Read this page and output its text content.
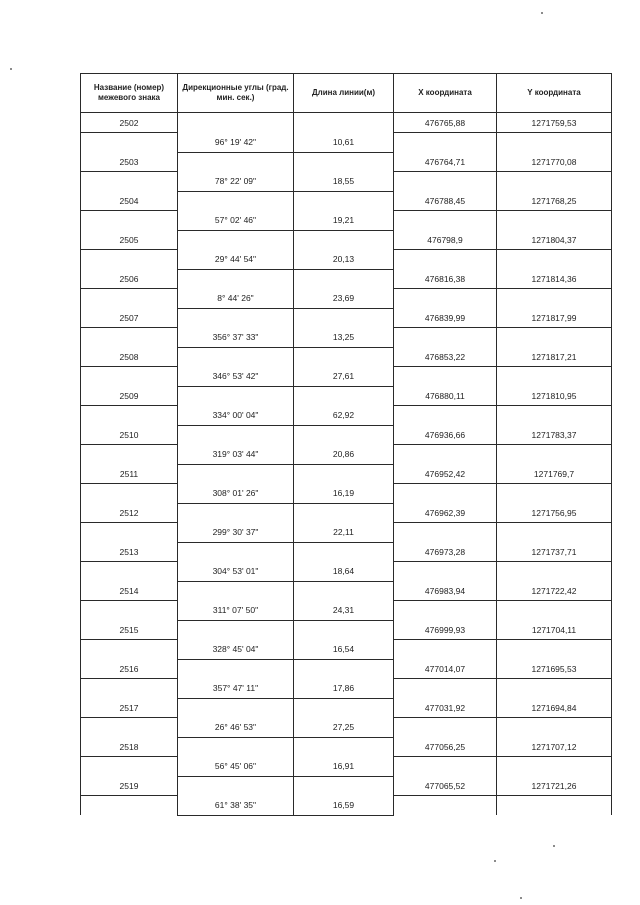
Название (номер) межевого знака	Дирекционные углы (град. мин. сек.)	Длина линии(м)	X координата	Y координата
2502			476765,88	1271759,53
	96° 19' 42"	10,61		
2503			476764,71	1271770,08
	78° 22' 09"	18,55		
2504			476788,45	1271768,25
	57° 02' 46"	19,21		
2505			476798,9	1271804,37
	29° 44' 54"	20,13		
2506			476816,38	1271814,36
	8° 44' 26"	23,69		
2507			476839,99	1271817,99
	356° 37' 33"	13,25		
2508			476853,22	1271817,21
	346° 53' 42"	27,61		
2509			476880,11	1271810,95
	334° 00' 04"	62,92		
2510			476936,66	1271783,37
	319° 03' 44"	20,86		
2511			476952,42	1271769,7
	308° 01' 26"	16,19		
2512			476962,39	1271756,95
	299° 30' 37"	22,11		
2513			476973,28	1271737,71
	304° 53' 01"	18,64		
2514			476983,94	1271722,42
	311° 07' 50"	24,31		
2515			476999,93	1271704,11
	328° 45' 04"	16,54		
2516			477014,07	1271695,53
	357° 47' 11"	17,86		
2517			477031,92	1271694,84
	26° 46' 53"	27,25		
2518			477056,25	1271707,12
	56° 45' 06"	16,91		
2519			477065,52	1271721,26
	61° 38' 35"	16,59		
